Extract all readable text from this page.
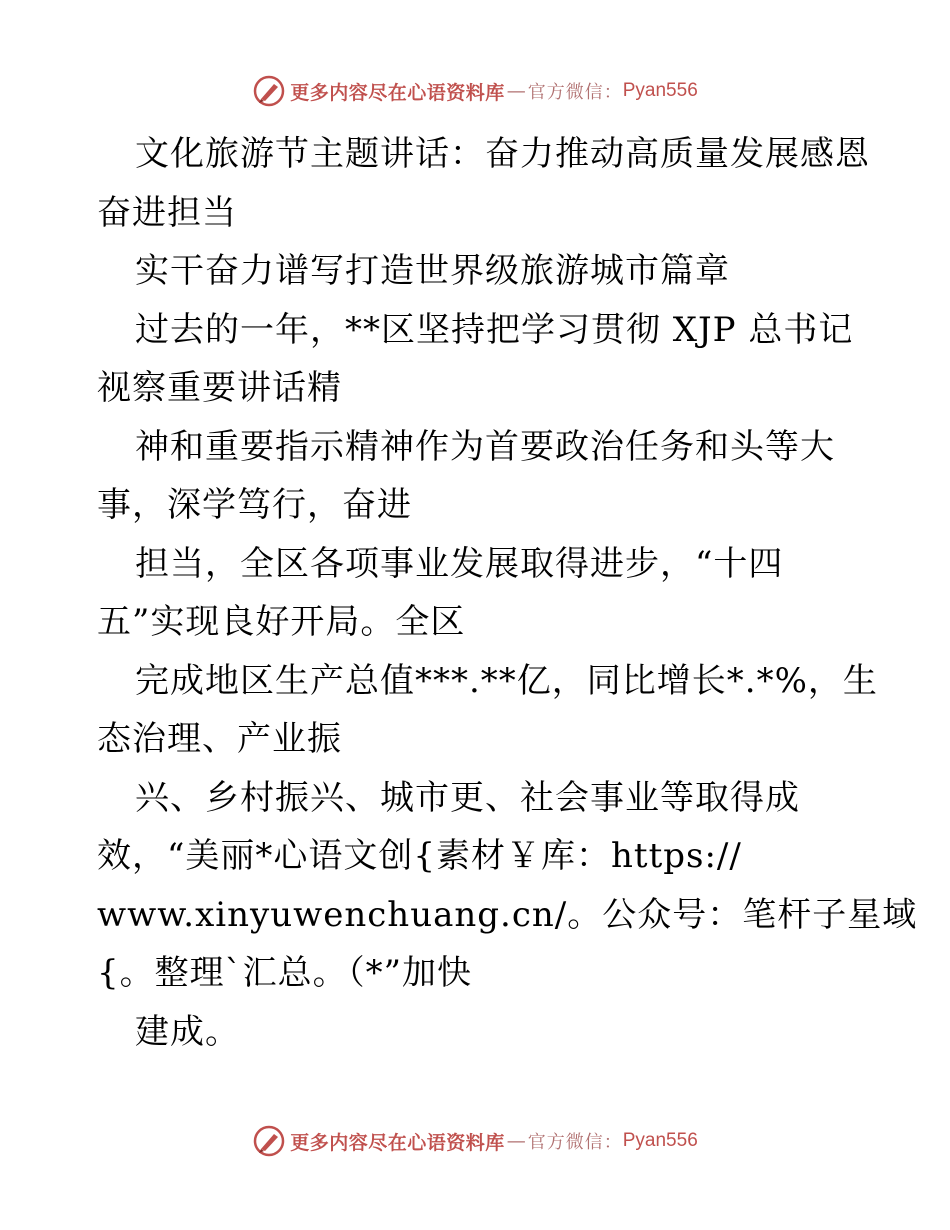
更多内容尽在心语资料库 — 官方微信： Pyan556
文化旅游节主题讲话：奋力推动高质量发展感恩
奋进担当
实干奋力谱写打造世界级旅游城市篇章
过去的一年，**区坚持把学习贯彻 XJP 总书记
视察重要讲话精
神和重要指示精神作为首要政治任务和头等大
事，深学笃行，奋进
担当，全区各项事业发展取得进步，“十四
五”实现良好开局。全区
完成地区生产总值***.**亿，同比增长*.*%，生
态治理、产业振
兴、乡村振兴、城市更、社会事业等取得成
效，“美丽*心语文创{素材￥库：https://
www.xinyuwenchuang.cn/。公众号：笔杆子星域
{。整理`汇总。（*”加快
建成。
更多内容尽在心语资料库 — 官方微信： Pyan556
